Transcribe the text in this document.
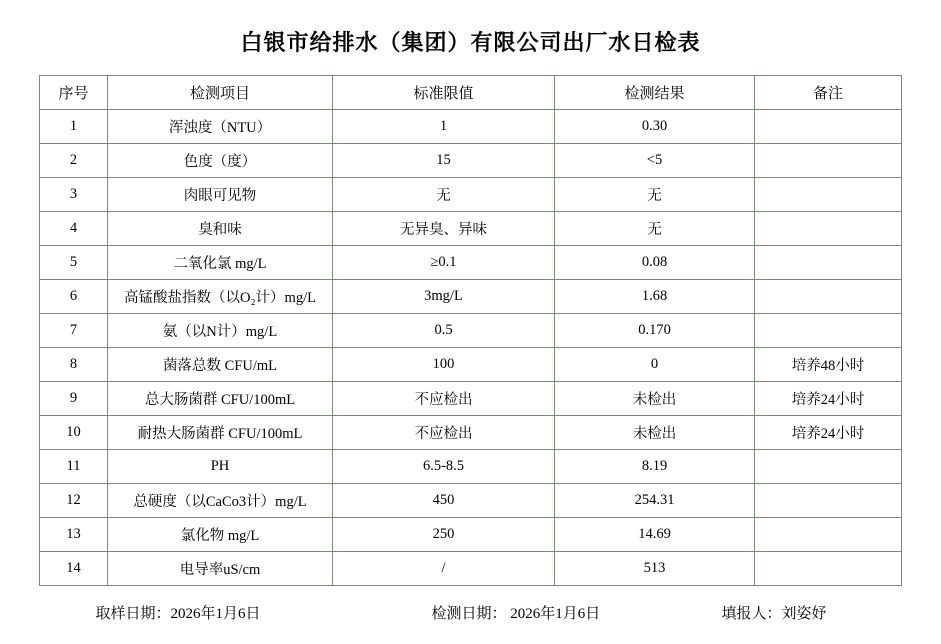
白银市给排水（集团）有限公司出厂水日检表
序号	检测项目	标准限值	检测结果	备注
1	浑浊度（NTU）	1	0.30	
2	色度（度）	15	<5	
3	肉眼可见物	无	无	
4	臭和味	无异臭、异味	无	
5	二氧化氯 mg/L	≥0.1	0.08	
6	高锰酸盐指数（以O₂计）mg/L	3mg/L	1.68	
7	氨（以N计）mg/L	0.5	0.170	
8	菌落总数 CFU/mL	100	0	培养48小时
9	总大肠菌群 CFU/100mL	不应检出	未检出	培养24小时
10	耐热大肠菌群 CFU/100mL	不应检出	未检出	培养24小时
11	PH	6.5-8.5	8.19	
12	总硬度（以CaCo3计）mg/L	450	254.31	
13	氯化物 mg/L	250	14.69	
14	电导率uS/cm	/	513	
取样日期：2026年1月6日	检测日期： 2026年1月6日	填报人：刘姿妤
